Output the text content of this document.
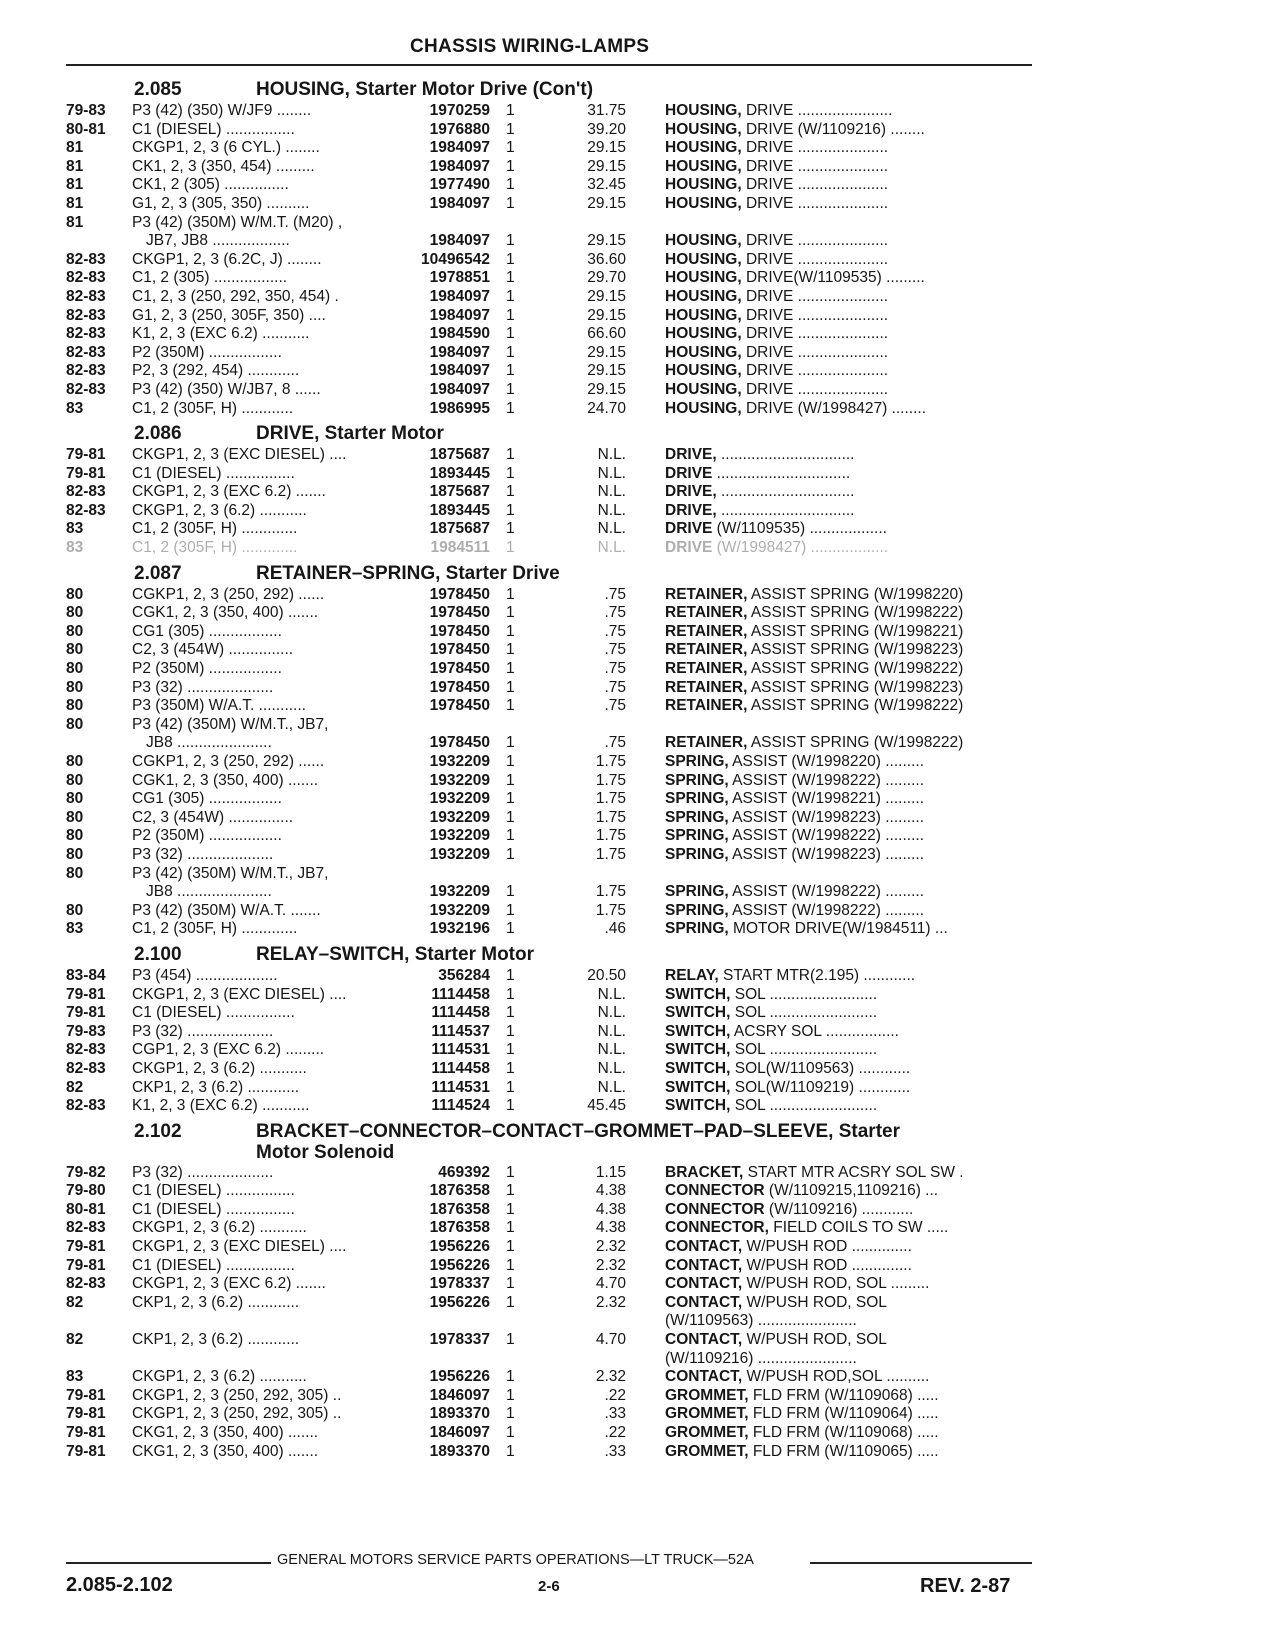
CHASSIS WIRING-LAMPS
2.085	HOUSING, Starter Motor Drive (Con't)
79-83 P3 (42) (350) W/JF9 ........	1970259 1	31.75	HOUSING, DRIVE ......................
80-81 C1 (DIESEL) ................	1976880 1	39.20	HOUSING, DRIVE (W/1109216) ........
81	CKGP1, 2, 3 (6 CYL.) ........	1984097 1	29.15	HOUSING, DRIVE .....................
81	CK1, 2, 3 (350, 454) .........	1984097 1	29.15	HOUSING, DRIVE .....................
81	CK1, 2 (305) ...............	1977490 1	32.45	HOUSING, DRIVE .....................
81	G1, 2, 3 (305, 350) ..........	1984097 1	29.15	HOUSING, DRIVE .....................
81	P3 (42) (350M) W/M.T. (M20) ,
JB7, JB8 ..................	1984097 1	29.15	HOUSING, DRIVE .....................
82-83 CKGP1, 2, 3 (6.2C, J) ........	10496542 1	36.60	HOUSING, DRIVE .....................
82-83 C1, 2 (305) .................	1978851 1	29.70	HOUSING, DRIVE(W/1109535) .........
82-83 C1, 2, 3 (250, 292, 350, 454) .	1984097 1	29.15	HOUSING, DRIVE .....................
82-83 G1, 2, 3 (250, 305F, 350) ....	1984097 1	29.15	HOUSING, DRIVE .....................
82-83 K1, 2, 3 (EXC 6.2) ...........	1984590 1	66.60	HOUSING, DRIVE .....................
82-83 P2 (350M) .................	1984097 1	29.15	HOUSING, DRIVE .....................
82-83 P2, 3 (292, 454) ............	1984097 1	29.15	HOUSING, DRIVE .....................
82-83 P3 (42) (350) W/JB7, 8 ......	1984097 1	29.15	HOUSING, DRIVE .....................
83	C1, 2 (305F, H) ............	1986995 1	24.70	HOUSING, DRIVE (W/1998427) ........
2.086	DRIVE, Starter Motor
79-81 CKGP1, 2, 3 (EXC DIESEL) ....	1875687 1	N.L.	DRIVE, ...............................
79-81 C1 (DIESEL) ................	1893445 1	N.L.	DRIVE ...............................
82-83 CKGP1, 2, 3 (EXC 6.2) .......	1875687 1	N.L.	DRIVE, ...............................
82-83 CKGP1, 2, 3 (6.2) ...........	1893445 1	N.L.	DRIVE, ...............................
83	C1, 2 (305F, H) .............	1875687 1	N.L.	DRIVE (W/1109535) ..................
83	C1, 2 (305F, H) .............	1984511 1	N.L.	DRIVE (W/1998427) ..................
2.087	RETAINER–SPRING, Starter Drive
80	CGKP1, 2, 3 (250, 292) ......	1978450 1	.75	RETAINER, ASSIST SPRING (W/1998220)
80	CGK1, 2, 3 (350, 400) .......	1978450 1	.75	RETAINER, ASSIST SPRING (W/1998222)
80	CG1 (305) .................	1978450 1	.75	RETAINER, ASSIST SPRING (W/1998221)
80	C2, 3 (454W) ...............	1978450 1	.75	RETAINER, ASSIST SPRING (W/1998223)
80	P2 (350M) .................	1978450 1	.75	RETAINER, ASSIST SPRING (W/1998222)
80	P3 (32) ....................	1978450 1	.75	RETAINER, ASSIST SPRING (W/1998223)
80	P3 (350M) W/A.T. ...........	1978450 1	.75	RETAINER, ASSIST SPRING (W/1998222)
80	P3 (42) (350M) W/M.T., JB7,
JB8 ......................	1978450 1	.75	RETAINER, ASSIST SPRING (W/1998222)
80	CGKP1, 2, 3 (250, 292) ......	1932209 1	1.75	SPRING, ASSIST (W/1998220) .........
80	CGK1, 2, 3 (350, 400) .......	1932209 1	1.75	SPRING, ASSIST (W/1998222) .........
80	CG1 (305) .................	1932209 1	1.75	SPRING, ASSIST (W/1998221) .........
80	C2, 3 (454W) ...............	1932209 1	1.75	SPRING, ASSIST (W/1998223) .........
80	P2 (350M) .................	1932209 1	1.75	SPRING, ASSIST (W/1998222) .........
80	P3 (32) ....................	1932209 1	1.75	SPRING, ASSIST (W/1998223) .........
80	P3 (42) (350M) W/M.T., JB7,
JB8 ......................	1932209 1	1.75	SPRING, ASSIST (W/1998222) .........
80	P3 (42) (350M) W/A.T. .......	1932209 1	1.75	SPRING, ASSIST (W/1998222) .........
83	C1, 2 (305F, H) .............	1932196 1	.46	SPRING, MOTOR DRIVE(W/1984511) ...
2.100	RELAY–SWITCH, Starter Motor
83-84 P3 (454) ...................	356284 1	20.50	RELAY, START MTR(2.195) ............
79-81 CKGP1, 2, 3 (EXC DIESEL) ....	1114458 1	N.L.	SWITCH, SOL .........................
79-81 C1 (DIESEL) ................	1114458 1	N.L.	SWITCH, SOL .........................
79-83 P3 (32) ....................	1114537 1	N.L.	SWITCH, ACSRY SOL .................
82-83 CGP1, 2, 3 (EXC 6.2) .........	1114531 1	N.L.	SWITCH, SOL .........................
82-83 CKGP1, 2, 3 (6.2) ...........	1114458 1	N.L.	SWITCH, SOL(W/1109563) ............
82	CKP1, 2, 3 (6.2) ............	1114531 1	N.L.	SWITCH, SOL(W/1109219) ............
82-83 K1, 2, 3 (EXC 6.2) ...........	1114524 1	45.45	SWITCH, SOL .........................
2.102	BRACKET–CONNECTOR–CONTACT–GROMMET–PAD–SLEEVE, Starter
Motor Solenoid
79-82 P3 (32) ....................	469392 1	1.15	BRACKET, START MTR ACSRY SOL SW .
79-80 C1 (DIESEL) ................	1876358 1	4.38	CONNECTOR (W/1109215,1109216) ...
80-81 C1 (DIESEL) ................	1876358 1	4.38	CONNECTOR (W/1109216) ............
82-83 CKGP1, 2, 3 (6.2) ...........	1876358 1	4.38	CONNECTOR, FIELD COILS TO SW .....
79-81 CKGP1, 2, 3 (EXC DIESEL) ....	1956226 1	2.32	CONTACT, W/PUSH ROD ..............
79-81 C1 (DIESEL) ................	1956226 1	2.32	CONTACT, W/PUSH ROD ..............
82-83 CKGP1, 2, 3 (EXC 6.2) .......	1978337 1	4.70	CONTACT, W/PUSH ROD, SOL .........
82	CKP1, 2, 3 (6.2) ............	1956226 1	2.32	CONTACT, W/PUSH ROD, SOL
(W/1109563) .......................
82	CKP1, 2, 3 (6.2) ............	1978337 1	4.70	CONTACT, W/PUSH ROD, SOL
(W/1109216) .......................
83	CKGP1, 2, 3 (6.2) ...........	1956226 1	2.32	CONTACT, W/PUSH ROD,SOL ..........
79-81 CKGP1, 2, 3 (250, 292, 305) ..	1846097 1	.22	GROMMET, FLD FRM (W/1109068) .....
79-81 CKGP1, 2, 3 (250, 292, 305) ..	1893370 1	.33	GROMMET, FLD FRM (W/1109064) .....
79-81 CKG1, 2, 3 (350, 400) .......	1846097 1	.22	GROMMET, FLD FRM (W/1109068) .....
79-81 CKG1, 2, 3 (350, 400) .......	1893370 1	.33	GROMMET, FLD FRM (W/1109065) .....
GENERAL MOTORS SERVICE PARTS OPERATIONS—LT TRUCK—52A
2.085-2.102	2-6	REV. 2-87
